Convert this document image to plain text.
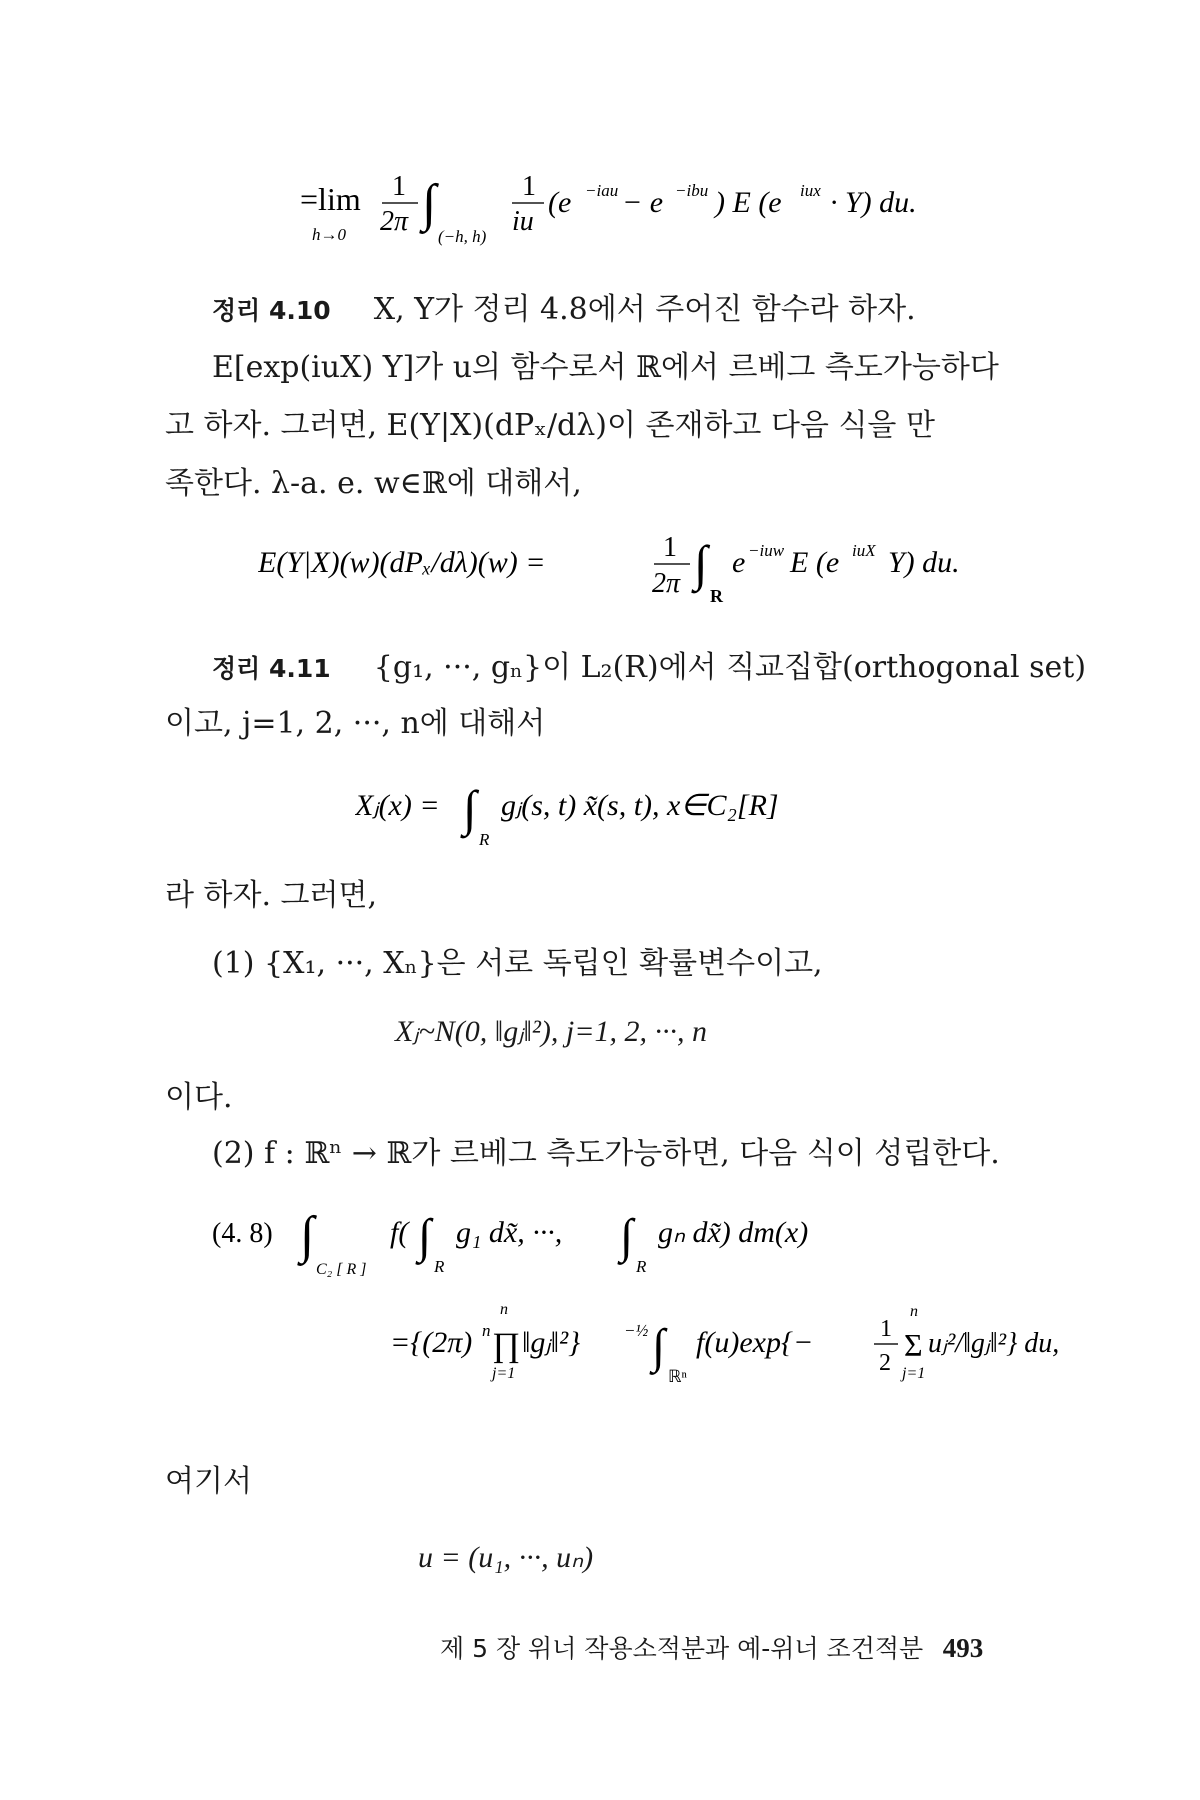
=lim
h→0
1
2π ∫
(−h, h)
1
iu
(e −iau − e −ibu ) E (e iux · Y) du.
정리 4.10 X, Y가 정리 4.8에서 주어진 함수라 하자.
E[exp(iuX) Y]가 u의 함수로서 ℝ에서 르베그 측도가능하다
고 하자. 그러면, E(Y|X)(dPₓ/dλ)이 존재하고 다음 식을 만
족한다. λ-a. e. w∈ℝ에 대해서,
E(Y|X)(w)(dPₓ/dλ)(w) =	1
2π ∫
R
e −iuw E (e iuX Y) du.
정리 4.11 {g₁, ···, gₙ}이 L₂(R)에서 직교집합(orthogonal set)
이고, j=1, 2, ···, n에 대해서
Xⱼ(x) = ∫
R
gⱼ(s, t) x̃(s, t), x∈C₂[R]
라 하자. 그러면,
(1) {X₁, ···, Xₙ}은 서로 독립인 확률변수이고,
Xⱼ~N(0, ‖gⱼ‖²), j=1, 2, ···, n
이다.
(2) f : ℝⁿ → ℝ가 르베그 측도가능하면, 다음 식이 성립한다.
(4. 8) ∫
C₂ [ R ]
f( ∫
R
g₁ dx̃, ···, ∫
R
gₙ dx̃) dm(x)
={(2π) n
n
∏
j=1
‖gⱼ‖²}	−½ ∫
ℝⁿ
f(u)exp{−	1
2
n
Σ
j=1
uⱼ²/‖gⱼ‖²} du,
여기서
u = (u₁, ···, uₙ)
제 5 장 위너 작용소적분과 예-위너 조건적분 493
